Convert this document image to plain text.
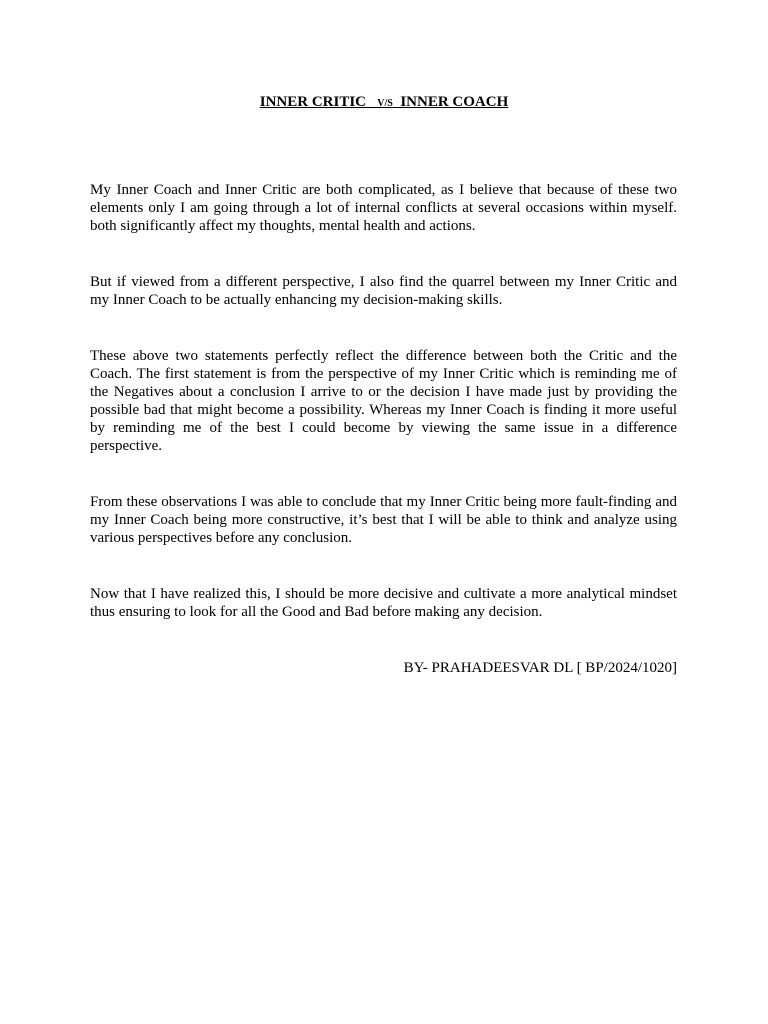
INNER CRITIC   V/S  INNER COACH

My Inner Coach and Inner Critic are both complicated, as I believe that because of these two elements only I am going through a lot of internal conflicts at several occasions within myself. both significantly affect my thoughts, mental health and actions.

But if viewed from a different perspective, I also find the quarrel between my Inner Critic and my Inner Coach to be actually enhancing my decision-making skills.

These above two statements perfectly reflect the difference between both the Critic and the Coach. The first statement is from the perspective of my Inner Critic which is reminding me of the Negatives about a conclusion I arrive to or the decision I have made just by providing the possible bad that might become a possibility. Whereas my Inner Coach is finding it more useful by reminding me of the best I could become by viewing the same issue in a difference perspective.

From these observations I was able to conclude that my Inner Critic being more fault-finding and my Inner Coach being more constructive, it’s best that I will be able to think and analyze using various perspectives before any conclusion.

Now that I have realized this, I should be more decisive and cultivate a more analytical mindset thus ensuring to look for all the Good and Bad before making any decision.

BY- PRAHADEESVAR DL [ BP/2024/1020]
